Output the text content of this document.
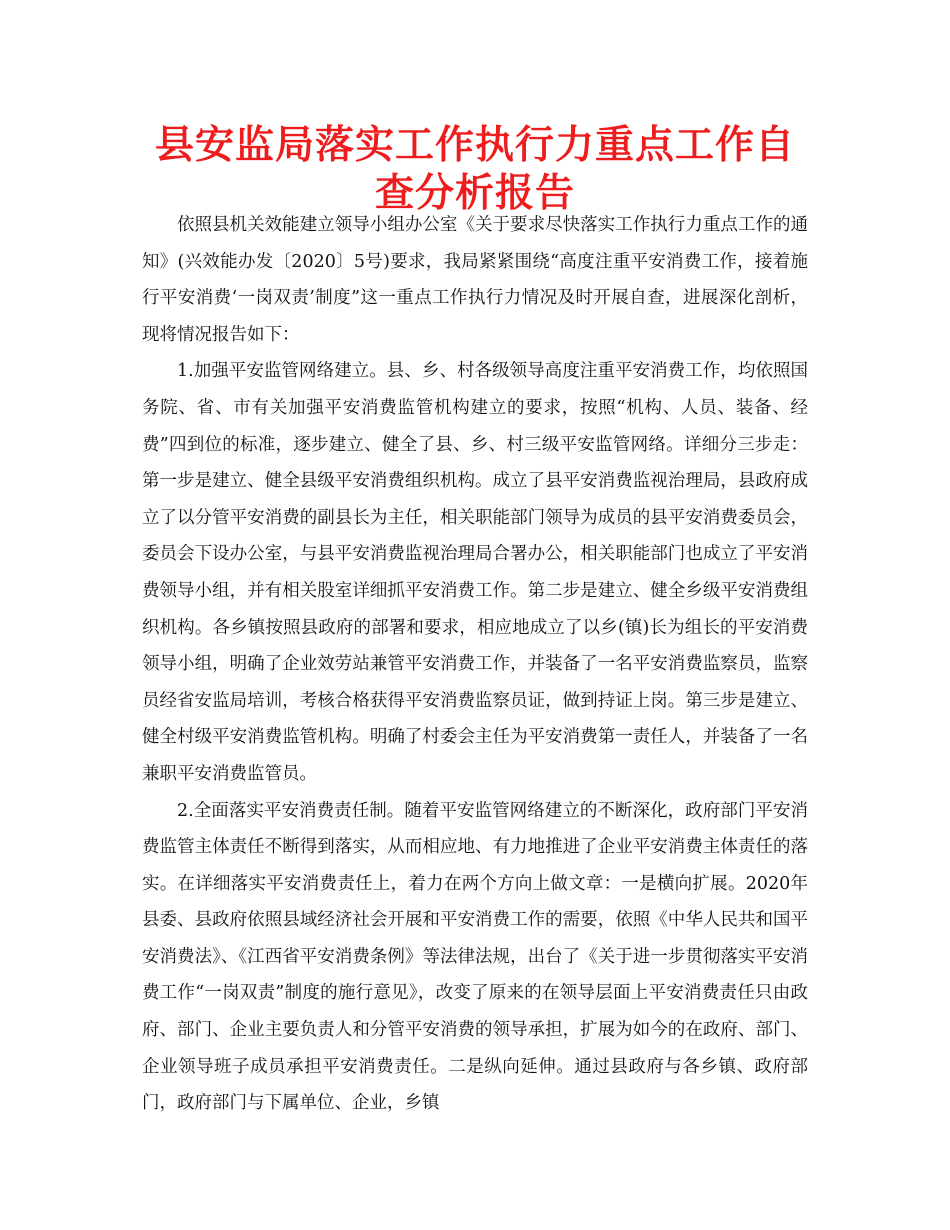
县安监局落实工作执行力重点工作自查分析报告

依照县机关效能建立领导小组办公室《关于要求尽快落实工作执行力重点工作的通知》(兴效能办发〔2020〕5号)要求，我局紧紧围绕“高度注重平安消费工作，接着施行平安消费‘一岗双责’制度”这一重点工作执行力情况及时开展自查，进展深化剖析，现将情况报告如下：

1.加强平安监管网络建立。县、乡、村各级领导高度注重平安消费工作，均依照国务院、省、市有关加强平安消费监管机构建立的要求，按照“机构、人员、装备、经费”四到位的标准，逐步建立、健全了县、乡、村三级平安监管网络。详细分三步走：第一步是建立、健全县级平安消费组织机构。成立了县平安消费监视治理局，县政府成立了以分管平安消费的副县长为主任，相关职能部门领导为成员的县平安消费委员会，委员会下设办公室，与县平安消费监视治理局合署办公，相关职能部门也成立了平安消费领导小组，并有相关股室详细抓平安消费工作。第二步是建立、健全乡级平安消费组织机构。各乡镇按照县政府的部署和要求，相应地成立了以乡(镇)长为组长的平安消费领导小组，明确了企业效劳站兼管平安消费工作，并装备了一名平安消费监察员，监察员经省安监局培训，考核合格获得平安消费监察员证，做到持证上岗。第三步是建立、健全村级平安消费监管机构。明确了村委会主任为平安消费第一责任人，并装备了一名兼职平安消费监管员。

2.全面落实平安消费责任制。随着平安监管网络建立的不断深化，政府部门平安消费监管主体责任不断得到落实，从而相应地、有力地推进了企业平安消费主体责任的落实。在详细落实平安消费责任上，着力在两个方向上做文章：一是横向扩展。2020年县委、县政府依照县域经济社会开展和平安消费工作的需要，依照《中华人民共和国平安消费法》、《江西省平安消费条例》等法律法规，出台了《关于进一步贯彻落实平安消费工作“一岗双责”制度的施行意见》，改变了原来的在领导层面上平安消费责任只由政府、部门、企业主要负责人和分管平安消费的领导承担，扩展为如今的在政府、部门、企业领导班子成员承担平安消费责任。二是纵向延伸。通过县政府与各乡镇、政府部门，政府部门与下属单位、企业，乡镇
